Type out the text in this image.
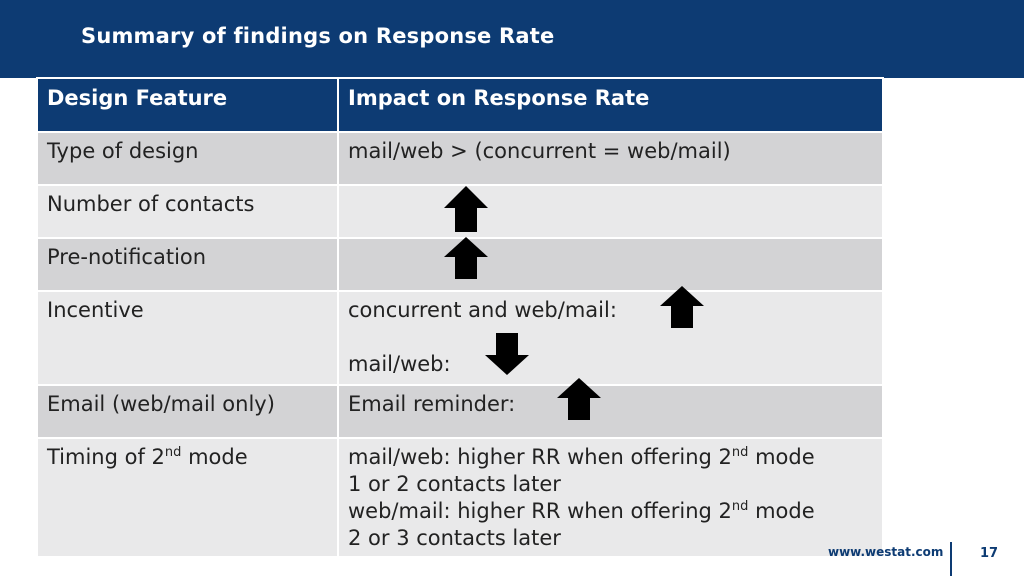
Summary of findings on Response Rate
Design Feature	Impact on Response Rate
Type of design	mail/web > (concurrent = web/mail)
Number of contacts	
Pre-notification	
Incentive	concurrent and web/mail:
mail/web:

Email (web/mail only)	Email reminder:
Timing of 2nd mode	mail/web: higher RR when offering 2nd mode
1 or 2 contacts later
web/mail: higher RR when offering 2nd mode
2 or 3 contacts later
www.westat.com	17
